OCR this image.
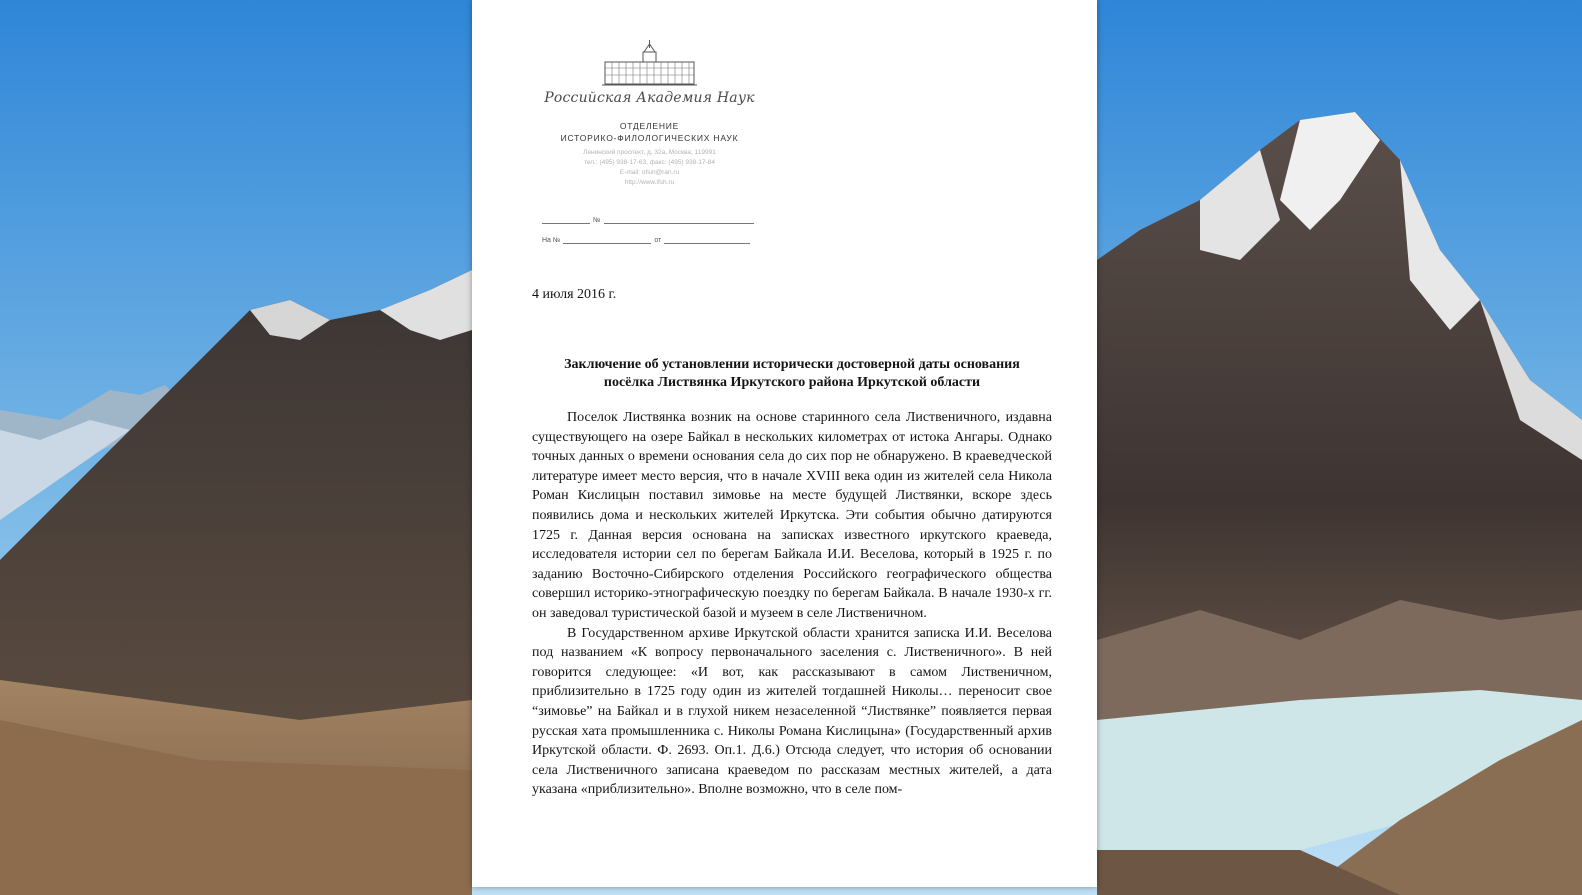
Российская Академия Наук
ОТДЕЛЕНИЕ
ИСТОРИКО-ФИЛОЛОГИЧЕСКИХ НАУК
Ленинский проспект, д. 32а, Москва, 119991
тел.: (495) 938-17-63, факс: (495) 938-17-84
E-mail: ofsin@ran.ru
http://www.ifsh.ru
№
На №	от
4 июля 2016 г.
Заключение об установлении исторически достоверной даты основания
посёлка Листвянка Иркутского района Иркутской области

Поселок Листвянка возник на основе старинного села Лиственичного, издавна существующего на озере Байкал в нескольких километрах от истока Ангары. Однако точных данных о времени основания села до сих пор не обнаружено. В краеведческой литературе имеет место версия, что в начале XVIII века один из жителей села Никола Роман Кислицын поставил зимовье на месте будущей Листвянки, вскоре здесь появились дома и нескольких жителей Иркутска. Эти события обычно датируются 1725 г. Данная версия основана на записках известного иркутского краеведа, исследователя истории сел по берегам Байкала И.И. Веселова, который в 1925 г. по заданию Восточно-Сибирского отделения Российского географического общества совершил историко-этнографическую поездку по берегам Байкала. В начале 1930-х гг. он заведовал туристической базой и музеем в селе Лиственичном.

В Государственном архиве Иркутской области хранится записка И.И. Веселова под названием «К вопросу первоначального заселения с. Лиственичного». В ней говорится следующее: «И вот, как рассказывают в самом Лиственичном, приблизительно в 1725 году один из жителей тогдашней Николы… переносит свое “зимовье” на Байкал и в глухой никем незаселенной “Листвянке” появляется первая русская хата промышленника с. Николы Романа Кислицына» (Государственный архив Иркутской области. Ф. 2693. Оп.1. Д.6.) Отсюда следует, что история об основании села Лиственичного записана краеведом по рассказам местных жителей, а дата указана «приблизительно». Вполне возможно, что в селе пом-
